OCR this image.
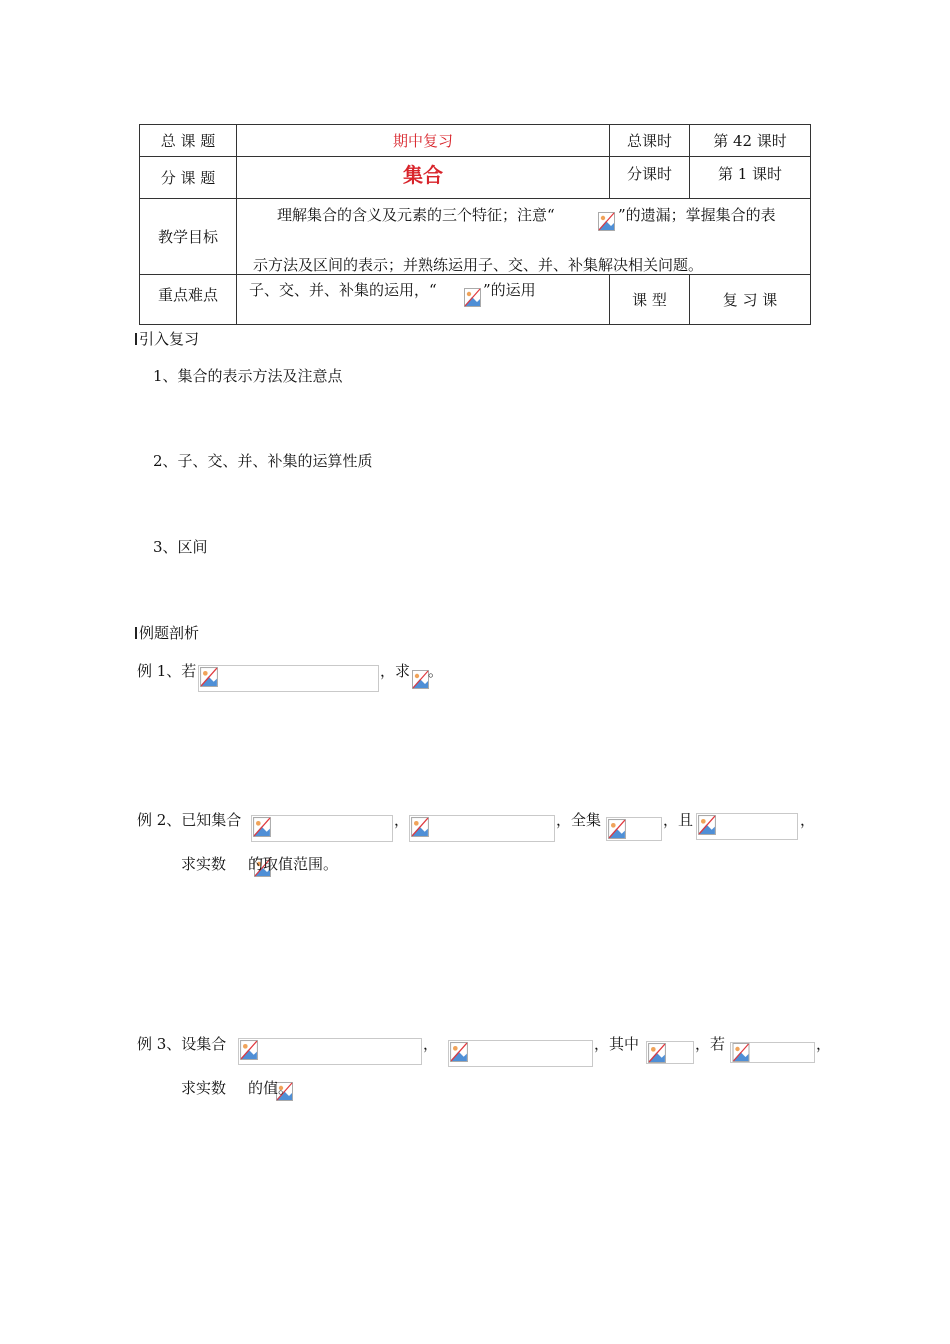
总 课 题	期中复习	总课时	第 42 课时
分 课 题	集合	分课时	第 1 课时
教学目标	理解集合的含义及元素的三个特征；注意“ ”的遗漏；掌握集合的表
示方法及区间的表示；并熟练运用子、交、并、补集解决相关问题。		

重点难点	子、交、并、补集的运用，“ ”的运用	课 型	复 习 课
引入复习
1、集合的表示方法及注意点
2、子、交、并、补集的运算性质
3、区间
例题剖析
例 1、若	，求
。
例 2、已知集合	，	，全集	，且	，
求实数
的取值范围。
例 3、设集合	，	，其中	，若	，
求实数 的值。
